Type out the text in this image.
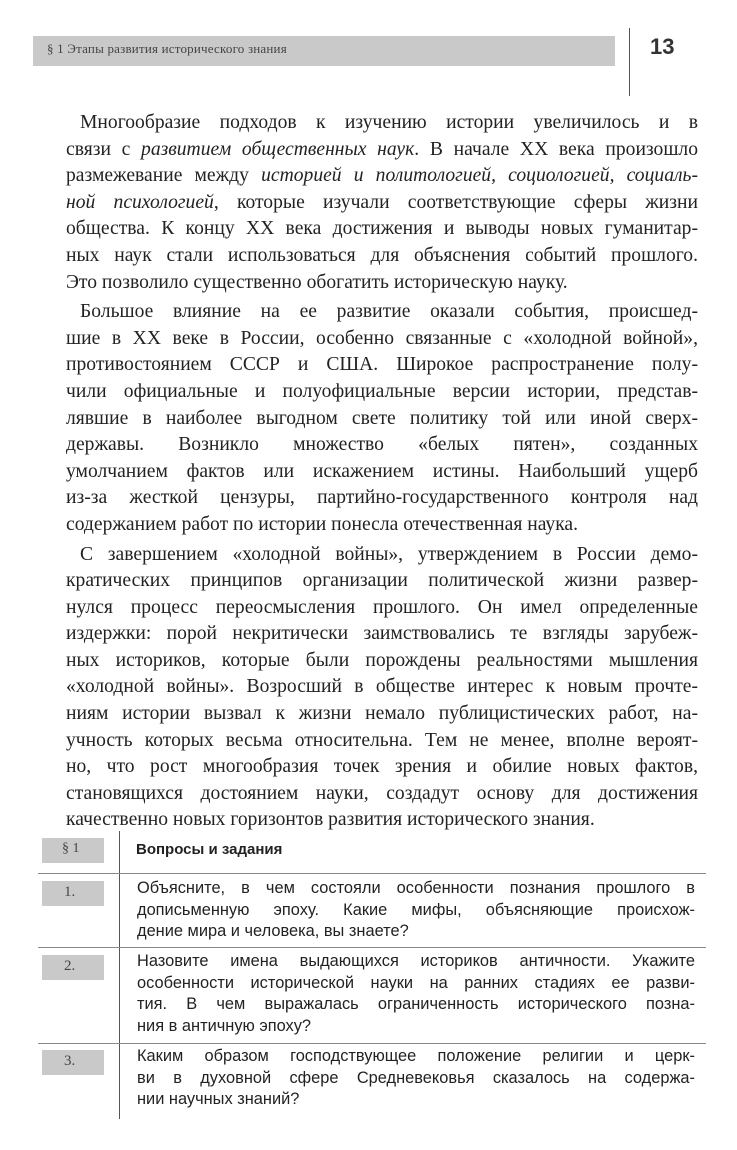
§ 1 Этапы развития исторического знания	13

Многообразие подходов к изучению истории увеличилось и в
связи с развитием общественных наук. В начале XX века произошло
размежевание между историей и политологией, социологией, социаль-
ной психологией, которые изучали соответствующие сферы жизни
общества. К концу XX века достижения и выводы новых гуманитар-
ных наук стали использоваться для объяснения событий прошлого.
Это позволило существенно обогатить историческую науку.

Большое влияние на ее развитие оказали события, происшед-
шие в XX веке в России, особенно связанные с «холодной войной»,
противостоянием СССР и США. Широкое распространение полу-
чили официальные и полуофициальные версии истории, представ-
лявшие в наиболее выгодном свете политику той или иной сверх-
державы. Возникло множество «белых пятен», созданных
умолчанием фактов или искажением истины. Наибольший ущерб
из-за жесткой цензуры, партийно-государственного контроля над
содержанием работ по истории понесла отечественная наука.

С завершением «холодной войны», утверждением в России демо-
кратических принципов организации политической жизни развер-
нулся процесс переосмысления прошлого. Он имел определенные
издержки: порой некритически заимствовались те взгляды зарубеж-
ных историков, которые были порождены реальностями мышления
«холодной войны». Возросший в обществе интерес к новым прочте-
ниям истории вызвал к жизни немало публицистических работ, на-
учность которых весьма относительна. Тем не менее, вполне вероят-
но, что рост многообразия точек зрения и обилие новых фактов,
становящихся достоянием науки, создадут основу для достижения
качественно новых горизонтов развития исторического знания.

§ 1	Вопросы и задания
1.	Объясните, в чем состояли особенности познания прошлого в
дописьменную эпоху. Какие мифы, объясняющие происхож-
дение мира и человека, вы знаете?
2.	Назовите имена выдающихся историков античности. Укажите
особенности исторической науки на ранних стадиях ее разви-
тия. В чем выражалась ограниченность исторического позна-
ния в античную эпоху?
3.	Каким образом господствующее положение религии и церк-
ви в духовной сфере Средневековья сказалось на содержа-
нии научных знаний?
